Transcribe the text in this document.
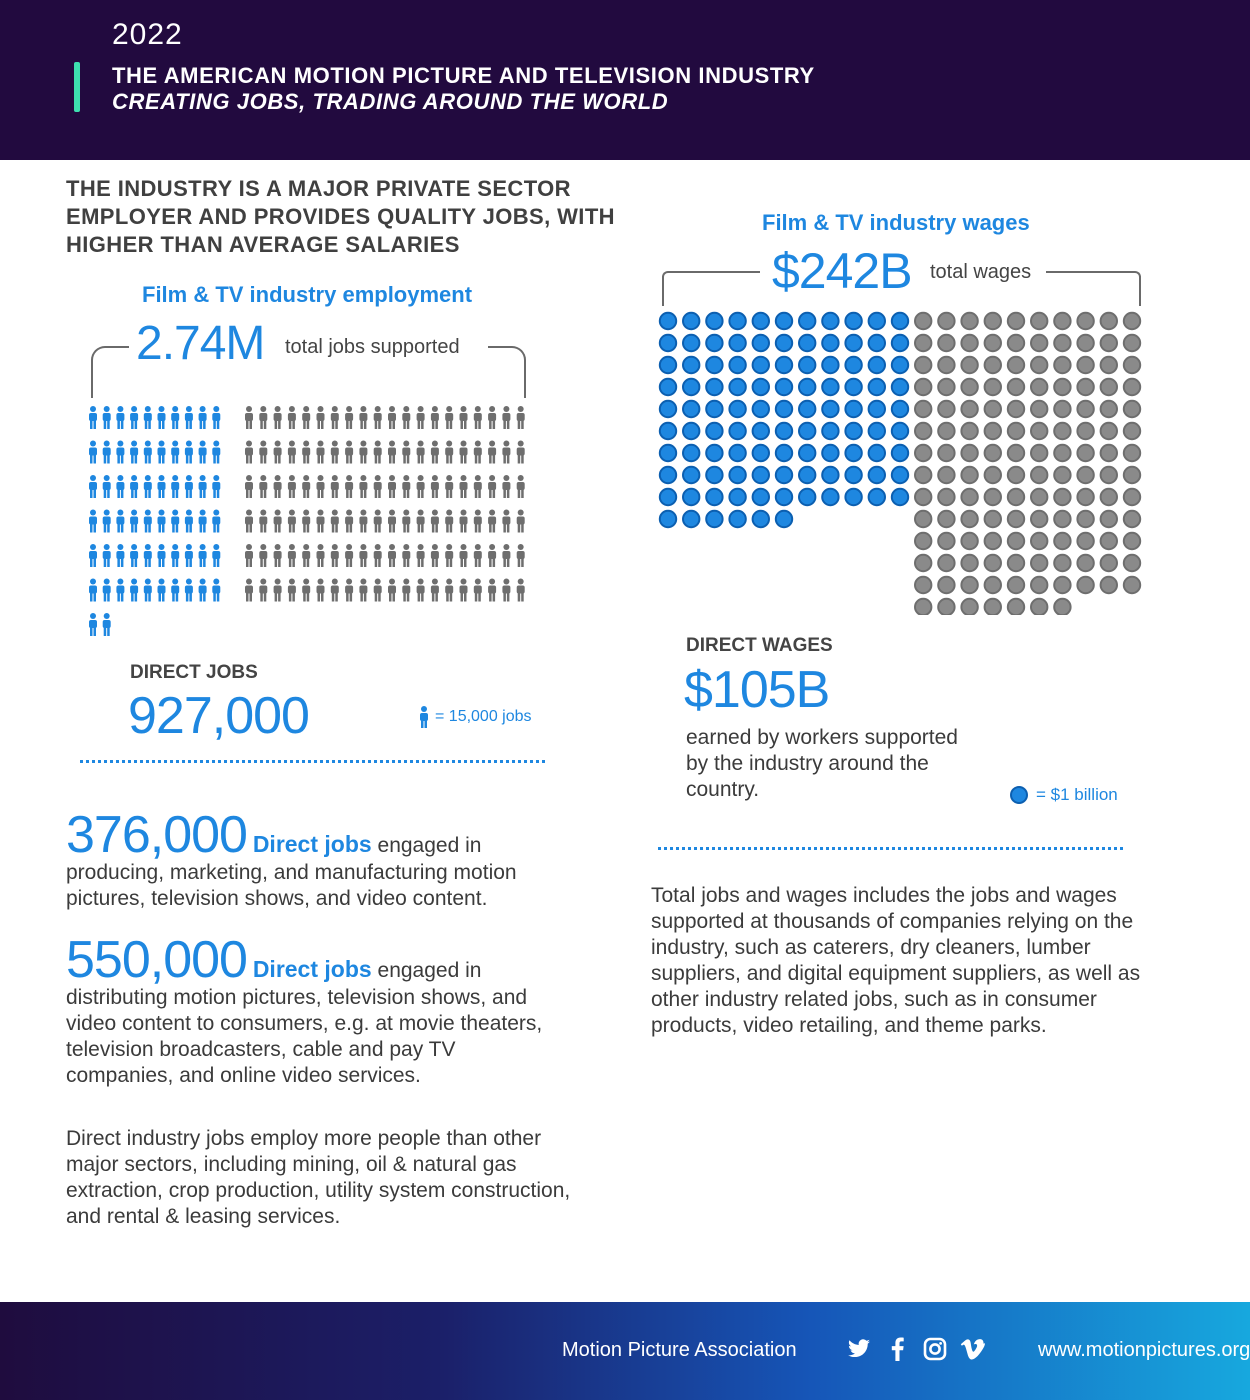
2022
THE AMERICAN MOTION PICTURE AND TELEVISION INDUSTRY
CREATING JOBS, TRADING AROUND THE WORLD
THE INDUSTRY IS A MAJOR PRIVATE SECTOR EMPLOYER AND PROVIDES QUALITY JOBS, WITH HIGHER THAN AVERAGE SALARIES
Film & TV industry employment
2.74M total jobs supported
DIRECT JOBS
927,000	= 15,000 jobs
376,000 Direct jobs engaged in producing, marketing, and manufacturing motion pictures, television shows, and video content.
550,000 Direct jobs engaged in distributing motion pictures, television shows, and video content to consumers, e.g. at movie theaters, television broadcasters, cable and pay TV companies, and online video services.
Direct industry jobs employ more people than other major sectors, including mining, oil & natural gas extraction, crop production, utility system construction, and rental & leasing services.
Film & TV industry wages
$242B total wages
DIRECT WAGES
$105B
earned by workers supported by the industry around the country.	= $1 billion
Total jobs and wages includes the jobs and wages supported at thousands of companies relying on the industry, such as caterers, dry cleaners, lumber suppliers, and digital equipment suppliers, as well as other industry related jobs, such as in consumer products, video retailing, and theme parks.
Motion Picture Association	www.motionpictures.org
